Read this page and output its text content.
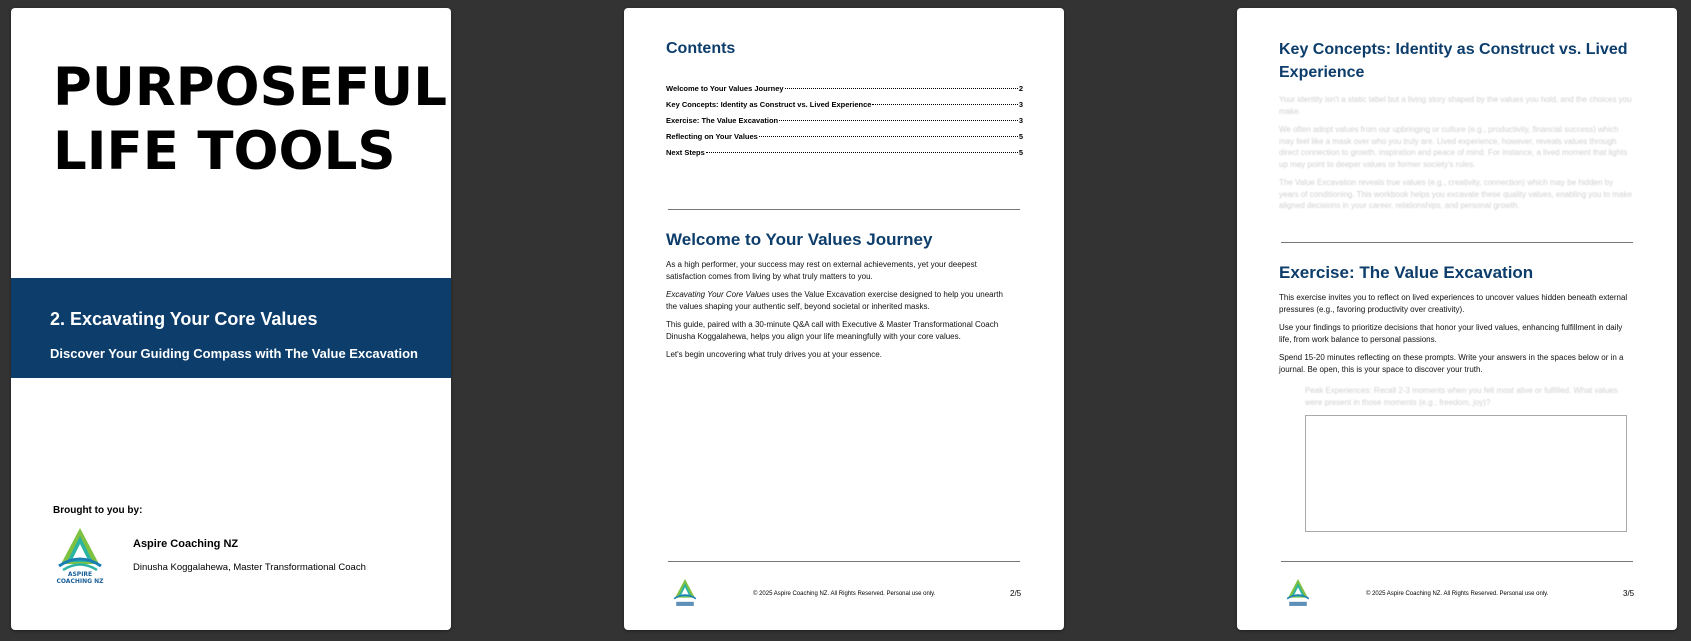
PURPOSEFUL
LIFE TOOLS
2. Excavating Your Core Values
Discover Your Guiding Compass with The Value Excavation
Brought to you by:
ASPIRE
COACHING NZ
Aspire Coaching NZ
Dinusha Koggalahewa, Master Transformational Coach
Contents
Welcome to Your Values Journey	2
Key Concepts: Identity as Construct vs. Lived Experience	3
Exercise: The Value Excavation	3
Reflecting on Your Values	5
Next Steps	5
Welcome to Your Values Journey

As a high performer, your success may rest on external achievements, yet your deepest satisfaction comes from living by what truly matters to you.

Excavating Your Core Values uses the Value Excavation exercise designed to help you unearth the values shaping your authentic self, beyond societal or inherited masks.

This guide, paired with a 30-minute Q&A call with Executive & Master Transformational Coach Dinusha Koggalahewa, helps you align your life meaningfully with your core values.

Let's begin uncovering what truly drives you at your essence.

© 2025 Aspire Coaching NZ. All Rights Reserved. Personal use only.	2/5
Key Concepts: Identity as Construct vs. Lived Experience

Your identity isn't a static label but a living story shaped by the values you hold, and the choices you make.

We often adopt values from our upbringing or culture (e.g., productivity, financial success) which may feel like a mask over who you truly are. Lived experience, however, reveals values through direct connection to growth, inspiration and peace of mind. For instance, a lived moment that lights up may point to deeper values or former society's rules.

The Value Excavation reveals true values (e.g., creativity, connection) which may be hidden by years of conditioning. This workbook helps you excavate these quality values, enabling you to make aligned decisions in your career, relationships, and personal growth.

Exercise: The Value Excavation

This exercise invites you to reflect on lived experiences to uncover values hidden beneath external pressures (e.g., favoring productivity over creativity).

Use your findings to prioritize decisions that honor your lived values, enhancing fulfillment in daily life, from work balance to personal passions.

Spend 15-20 minutes reflecting on these prompts. Write your answers in the spaces below or in a journal. Be open, this is your space to discover your truth.

Peak Experiences: Recall 2-3 moments when you felt most alive or fulfilled. What values were present in those moments (e.g., freedom, joy)?
© 2025 Aspire Coaching NZ. All Rights Reserved. Personal use only.	3/5
